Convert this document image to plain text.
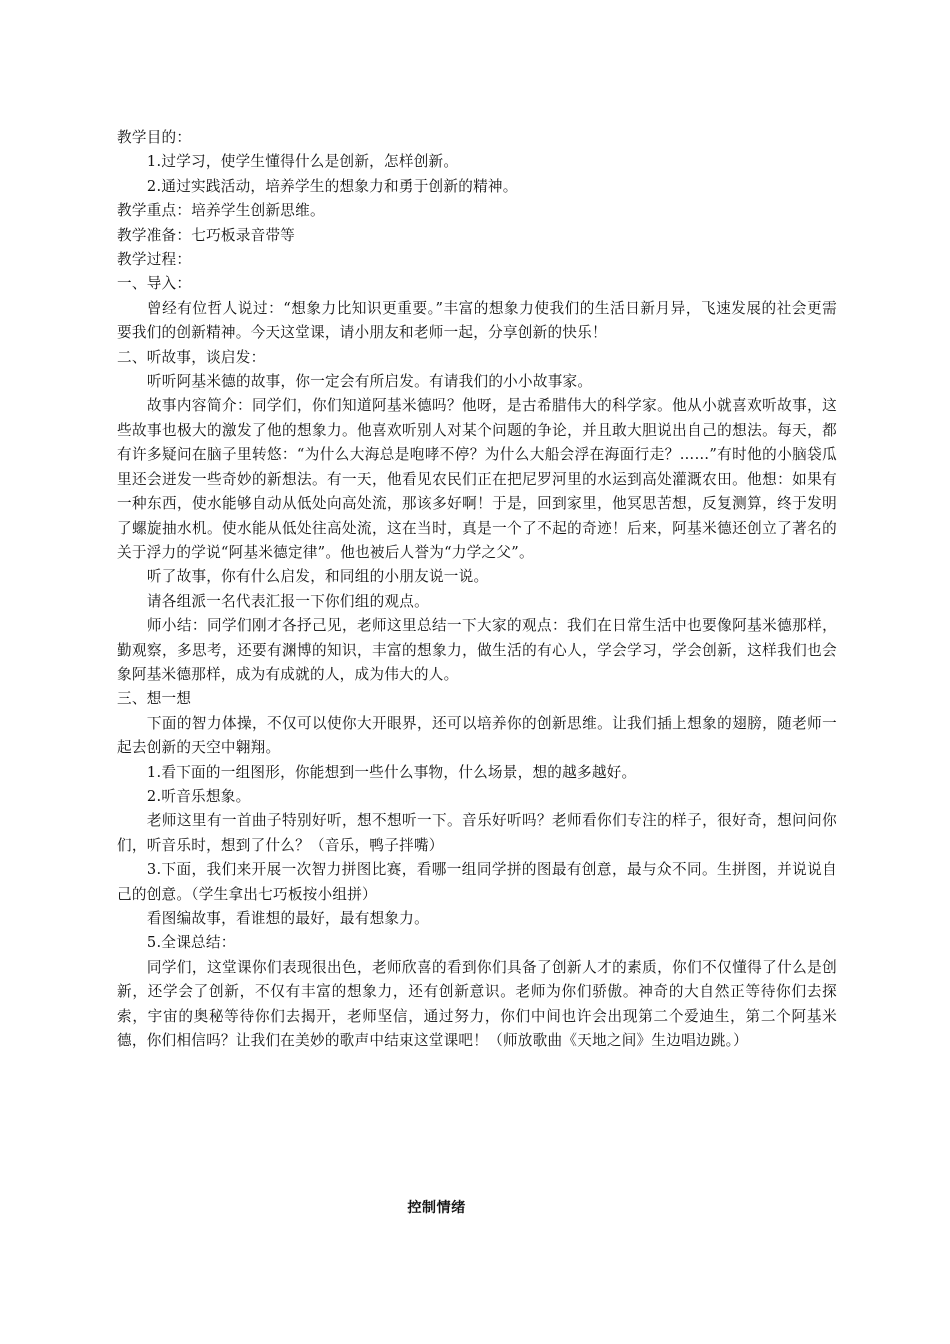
教学目的：

1.过学习，使学生懂得什么是创新，怎样创新。

2.通过实践活动，培养学生的想象力和勇于创新的精神。

教学重点：培养学生创新思维。

教学准备：七巧板录音带等

教学过程：

一、导入：

曾经有位哲人说过：“想象力比知识更重要。”丰富的想象力使我们的生活日新月异，飞速发展的社会更需要我们的创新精神。今天这堂课，请小朋友和老师一起，分享创新的快乐！

二、听故事，谈启发：

听听阿基米德的故事，你一定会有所启发。有请我们的小小故事家。

故事内容简介：同学们，你们知道阿基米德吗？他呀，是古希腊伟大的科学家。他从小就喜欢听故事，这些故事也极大的激发了他的想象力。他喜欢听别人对某个问题的争论，并且敢大胆说出自己的想法。每天，都有许多疑问在脑子里转悠：“为什么大海总是咆哮不停？为什么大船会浮在海面行走？……”有时他的小脑袋瓜里还会迸发一些奇妙的新想法。有一天，他看见农民们正在把尼罗河里的水运到高处灌溉农田。他想：如果有一种东西，使水能够自动从低处向高处流，那该多好啊！于是，回到家里，他冥思苦想，反复测算，终于发明了螺旋抽水机。使水能从低处往高处流，这在当时，真是一个了不起的奇迹！后来，阿基米德还创立了著名的关于浮力的学说“阿基米德定律”。他也被后人誉为“力学之父”。

听了故事，你有什么启发，和同组的小朋友说一说。

请各组派一名代表汇报一下你们组的观点。

师小结：同学们刚才各抒己见，老师这里总结一下大家的观点：我们在日常生活中也要像阿基米德那样，勤观察，多思考，还要有渊博的知识，丰富的想象力，做生活的有心人，学会学习，学会创新，这样我们也会象阿基米德那样，成为有成就的人，成为伟大的人。

三、想一想

下面的智力体操，不仅可以使你大开眼界，还可以培养你的创新思维。让我们插上想象的翅膀，随老师一起去创新的天空中翱翔。

1.看下面的一组图形，你能想到一些什么事物，什么场景，想的越多越好。

2.听音乐想象。

老师这里有一首曲子特别好听，想不想听一下。音乐好听吗？老师看你们专注的样子，很好奇，想问问你们，听音乐时，想到了什么？（音乐，鸭子拌嘴）

3.下面，我们来开展一次智力拼图比赛，看哪一组同学拼的图最有创意，最与众不同。生拼图，并说说自己的创意。（学生拿出七巧板按小组拼）

看图编故事，看谁想的最好，最有想象力。

5.全课总结：

同学们，这堂课你们表现很出色，老师欣喜的看到你们具备了创新人才的素质，你们不仅懂得了什么是创新，还学会了创新，不仅有丰富的想象力，还有创新意识。老师为你们骄傲。神奇的大自然正等待你们去探索，宇宙的奥秘等待你们去揭开，老师坚信，通过努力，你们中间也许会出现第二个爱迪生，第二个阿基米德，你们相信吗？让我们在美妙的歌声中结束这堂课吧！（师放歌曲《天地之间》生边唱边跳。）

控制情绪
